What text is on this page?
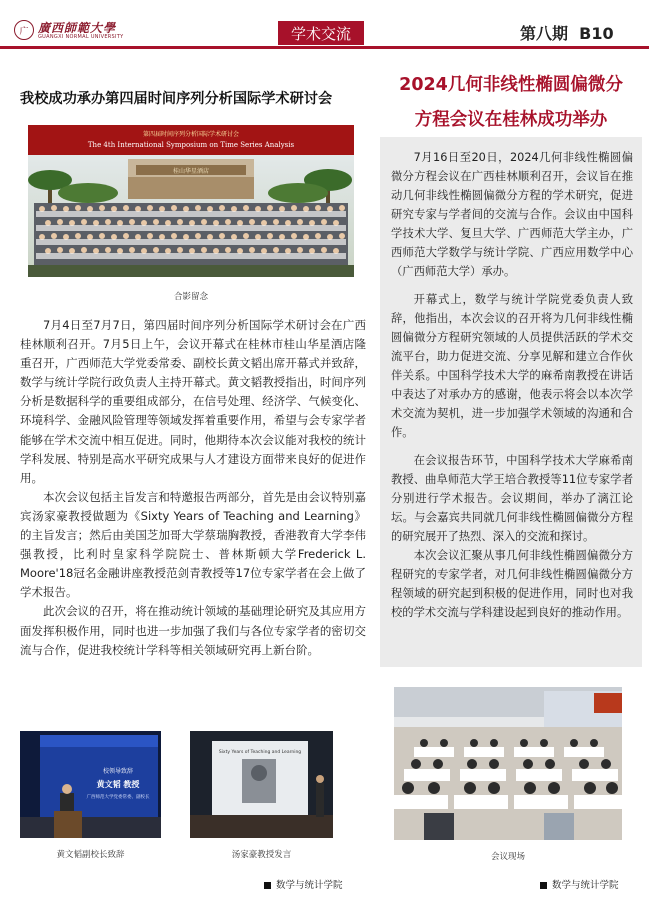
广 廣西師範大學
GUANGXI NORMAL UNIVERSITY	学术交流	第八期  B10
我校成功承办第四届时间序列分析国际学术研讨会
第四届时间序列分析国际学术研讨会
The 4th International Symposium on Time Series Analysis
桂山华星酒店
合影留念

7月4日至7月7日，第四届时间序列分析国际学术研讨会在广西桂林顺利召开。7月5日上午，会议开幕式在桂林市桂山华星酒店隆重召开，广西师范大学党委常委、副校长黄文韬出席开幕式并致辞，数学与统计学院行政负责人主持开幕式。黄文韬教授指出，时间序列分析是数据科学的重要组成部分，在信号处理、经济学、气候变化、环境科学、金融风险管理等领域发挥着重要作用，希望与会专家学者能够在学术交流中相互促进。同时，他期待本次会议能对我校的统计学科发展、特别是高水平研究成果与人才建设方面带来良好的促进作用。

本次会议包括主旨发言和特邀报告两部分，首先是由会议特别嘉宾汤家豪教授做题为《Sixty Years of Teaching and Learning》的主旨发言；然后由美国芝加哥大学蔡瑞胸教授，香港教育大学李伟强教授，比利时皇家科学院院士、普林斯顿大学Frederick L. Moore'18冠名金融讲座教授范剑青教授等17位专家学者在会上做了学术报告。

此次会议的召开，将在推动统计领域的基础理论研究及其应用方面发挥积极作用，同时也进一步加强了我们与各位专家学者的密切交流与合作，促进我校统计学科等相关领域研究再上新台阶。

校领导致辞
黄文韬 教授
广西师范大学党委常委、副校长
Sixty Years of Teaching and Learning
黄文韬副校长致辞	汤家豪教授发言
数学与统计学院
2024几何非线性椭圆偏微分
方程会议在桂林成功举办

7月16日至20日，2024几何非线性椭圆偏微分方程会议在广西桂林顺利召开，会议旨在推动几何非线性椭圆偏微分方程的学术研究，促进研究专家与学者间的交流与合作。会议由中国科学技术大学、复旦大学、广西师范大学主办，广西师范大学数学与统计学院、广西应用数学中心（广西师范大学）承办。

开幕式上，数学与统计学院党委负责人致辞，他指出，本次会议的召开将为几何非线性椭圆偏微分方程研究领域的人员提供活跃的学术交流平台，助力促进交流、分享见解和建立合作伙伴关系。中国科学技术大学的麻希南教授在讲话中表达了对承办方的感谢，他表示将会以本次学术交流为契机，进一步加强学术领域的沟通和合作。

在会议报告环节，中国科学技术大学麻希南教授、曲阜师范大学王培合教授等11位专家学者分别进行学术报告。会议期间，举办了漓江论坛。与会嘉宾共同就几何非线性椭圆偏微分方程的研究展开了热烈、深入的交流和探讨。

本次会议汇聚从事几何非线性椭圆偏微分方程研究的专家学者，对几何非线性椭圆偏微分方程领域的研究起到积极的促进作用，同时也对我校的学术交流与学科建设起到良好的推动作用。

会议现场
数学与统计学院
